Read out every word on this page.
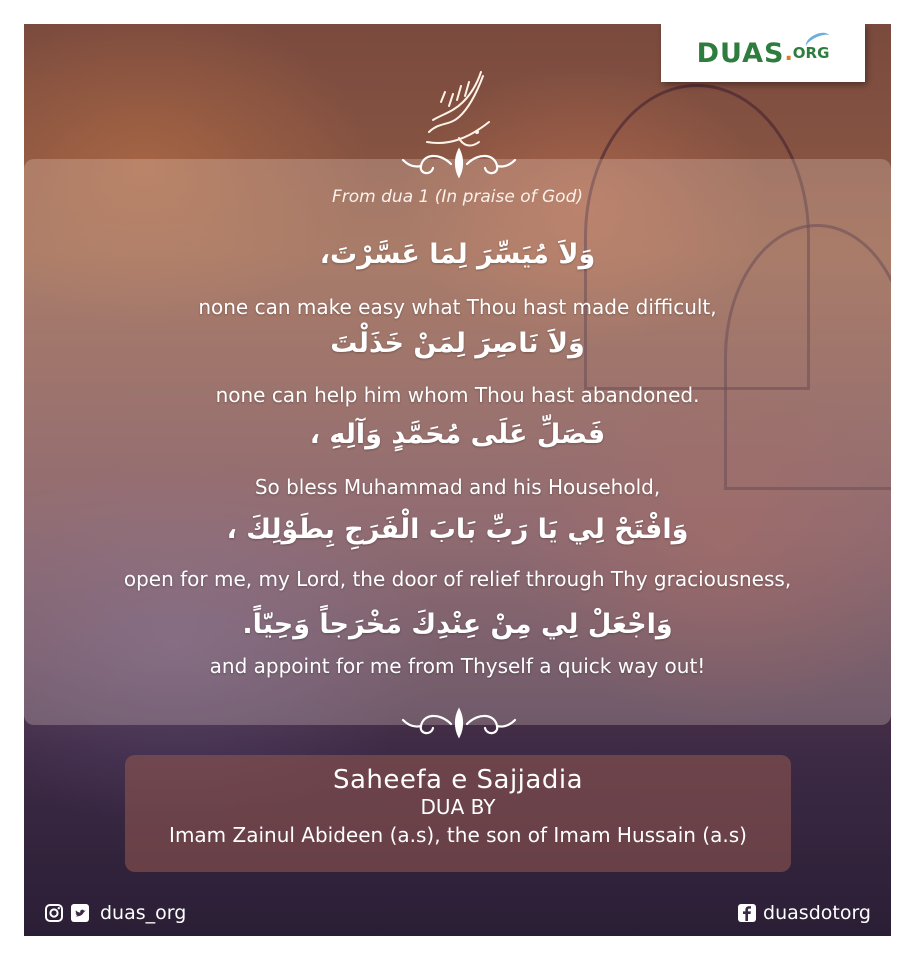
DUAS . ORG
From dua 1 (In praise of God)
وَلاَ مُيَسِّرَ لِمَا عَسَّرْتَ،
none can make easy what Thou hast made difficult,
وَلاَ نَاصِرَ لِمَنْ خَذَلْتَ
none can help him whom Thou hast abandoned.
فَصَلِّ عَلَى مُحَمَّدٍ وَآلِهِ ،
So bless Muhammad and his Household,
وَافْتَحْ لِي يَا رَبِّ بَابَ الْفَرَجِ بِطَوْلِكَ ،
open for me, my Lord, the door of relief through Thy graciousness,
وَاجْعَلْ لِي مِنْ عِنْدِكَ مَخْرَجاً وَحِيّاً.
and appoint for me from Thyself a quick way out!
Saheefa e Sajjadia
DUA BY
Imam Zainul Abideen (a.s), the son of Imam Hussain (a.s)
duas_org	duasdotorg
